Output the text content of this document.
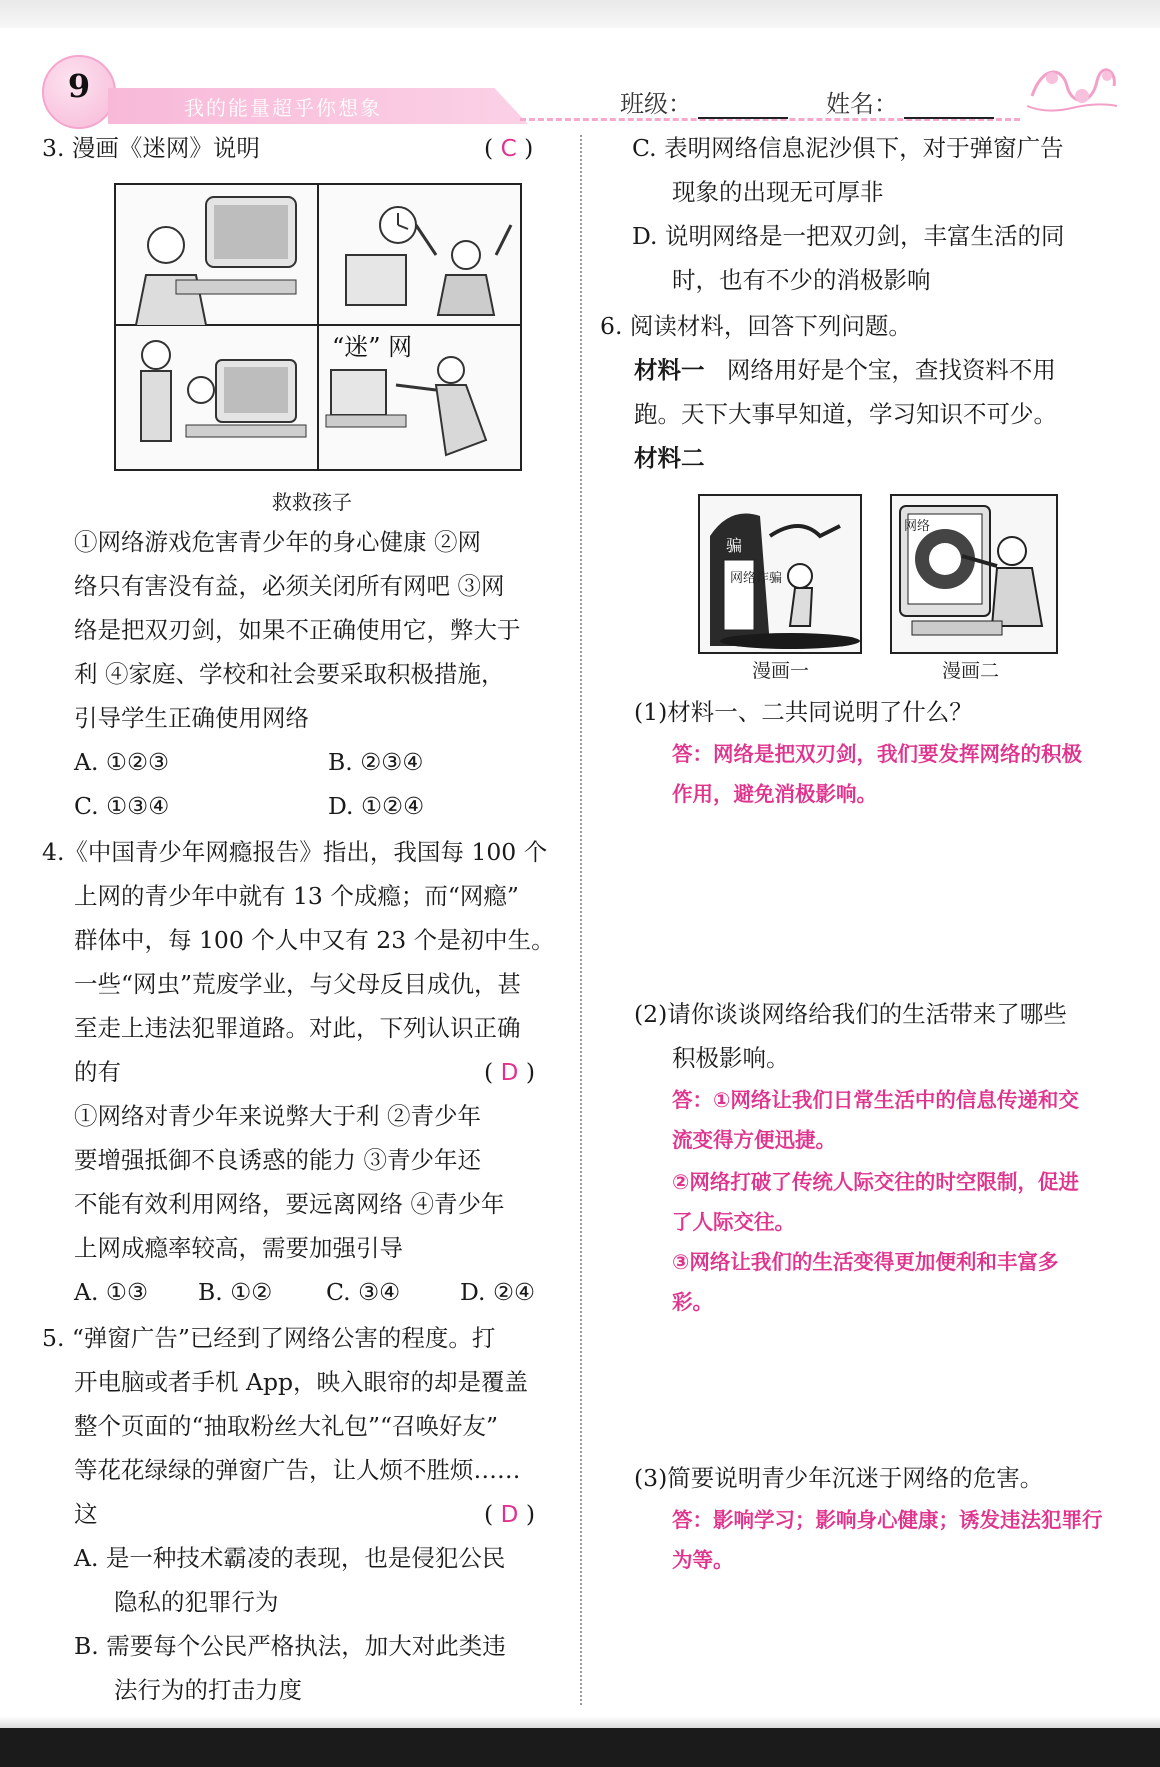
9
我的能量超乎你想象	班级：	姓名：
3. 漫画《迷网》说明	( C )
“迷” 网
救救孩子
①网络游戏危害青少年的身心健康 ②网
络只有害没有益，必须关闭所有网吧 ③网
络是把双刃剑，如果不正确使用它，弊大于
利 ④家庭、学校和社会要采取积极措施，
引导学生正确使用网络
A. ①②③	B. ②③④
C. ①③④	D. ①②④
4.《中国青少年网瘾报告》指出，我国每 100 个
上网的青少年中就有 13 个成瘾；而“网瘾”
群体中，每 100 个人中又有 23 个是初中生。
一些“网虫”荒废学业，与父母反目成仇，甚
至走上违法犯罪道路。对此，下列认识正确
的有	( D )
①网络对青少年来说弊大于利 ②青少年
要增强抵御不良诱惑的能力 ③青少年还
不能有效利用网络，要远离网络 ④青少年
上网成瘾率较高，需要加强引导
A. ①③ B. ①② C. ③④	D. ②④
5. “弹窗广告”已经到了网络公害的程度。打
开电脑或者手机 App，映入眼帘的却是覆盖
整个页面的“抽取粉丝大礼包”“召唤好友”
等花花绿绿的弹窗广告，让人烦不胜烦……
这	( D )
A. 是一种技术霸凌的表现，也是侵犯公民
隐私的犯罪行为
B. 需要每个公民严格执法，加大对此类违
法行为的打击力度
C. 表明网络信息泥沙俱下，对于弹窗广告
现象的出现无可厚非
D. 说明网络是一把双刃剑，丰富生活的同
时，也有不少的消极影响
6. 阅读材料，回答下列问题。
材料一 网络用好是个宝，查找资料不用
跑。天下大事早知道，学习知识不可少。
材料二
骗
网络诈骗
漫画一
网络
漫画二
(1)材料一、二共同说明了什么？
答：网络是把双刃剑，我们要发挥网络的积极
作用，避免消极影响。
(2)请你谈谈网络给我们的生活带来了哪些
积极影响。
答：①网络让我们日常生活中的信息传递和交
流变得方便迅捷。
②网络打破了传统人际交往的时空限制，促进
了人际交往。
③网络让我们的生活变得更加便利和丰富多
彩。
(3)简要说明青少年沉迷于网络的危害。
答：影响学习；影响身心健康；诱发违法犯罪行
为等。
